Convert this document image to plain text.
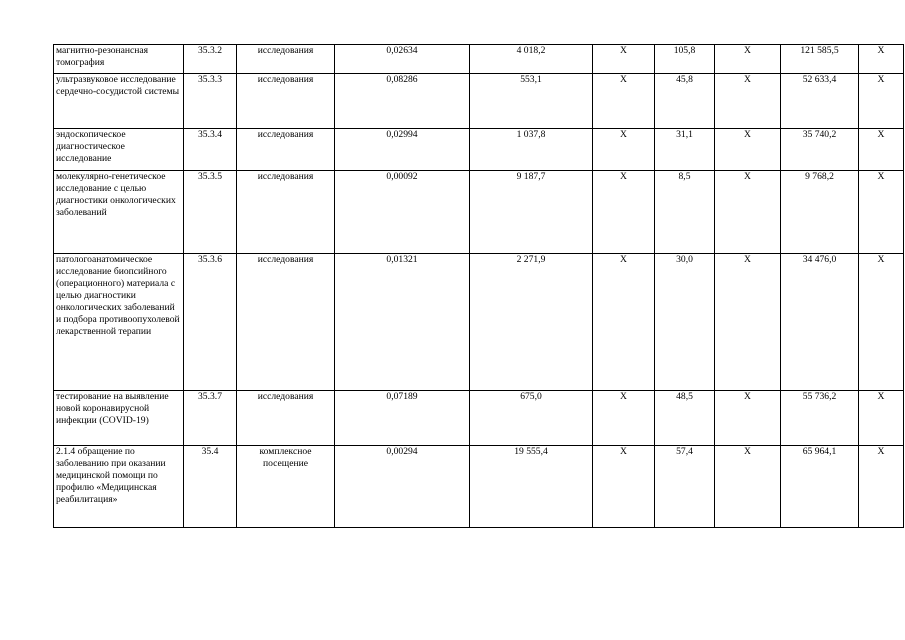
магнитно-резонансная томография	35.3.2	исследования	0,02634	4 018,2	Х	105,8	Х	121 585,5	Х
ультразвуковое исследование сердечно-сосудистой системы	35.3.3	исследования	0,08286	553,1	Х	45,8	Х	52 633,4	Х
эндоскопическое диагностическое исследование	35.3.4	исследования	0,02994	1 037,8	Х	31,1	Х	35 740,2	Х
молекулярно-генетическое исследование с целью диагностики онкологических заболеваний	35.3.5	исследования	0,00092	9 187,7	Х	8,5	Х	9 768,2	Х
патологоанатомическое исследование биопсийного (операционного) материала с целью диагностики онкологических заболеваний и подбора противоопухолевой лекарственной терапии	35.3.6	исследования	0,01321	2 271,9	Х	30,0	Х	34 476,0	Х
тестирование на выявление новой коронавирусной инфекции (COVID-19)	35.3.7	исследования	0,07189	675,0	Х	48,5	Х	55 736,2	Х
2.1.4 обращение по заболеванию при оказании медицинской помощи по профилю «Медицинская реабилитация»	35.4	комплексное посещение	0,00294	19 555,4	Х	57,4	Х	65 964,1	Х
